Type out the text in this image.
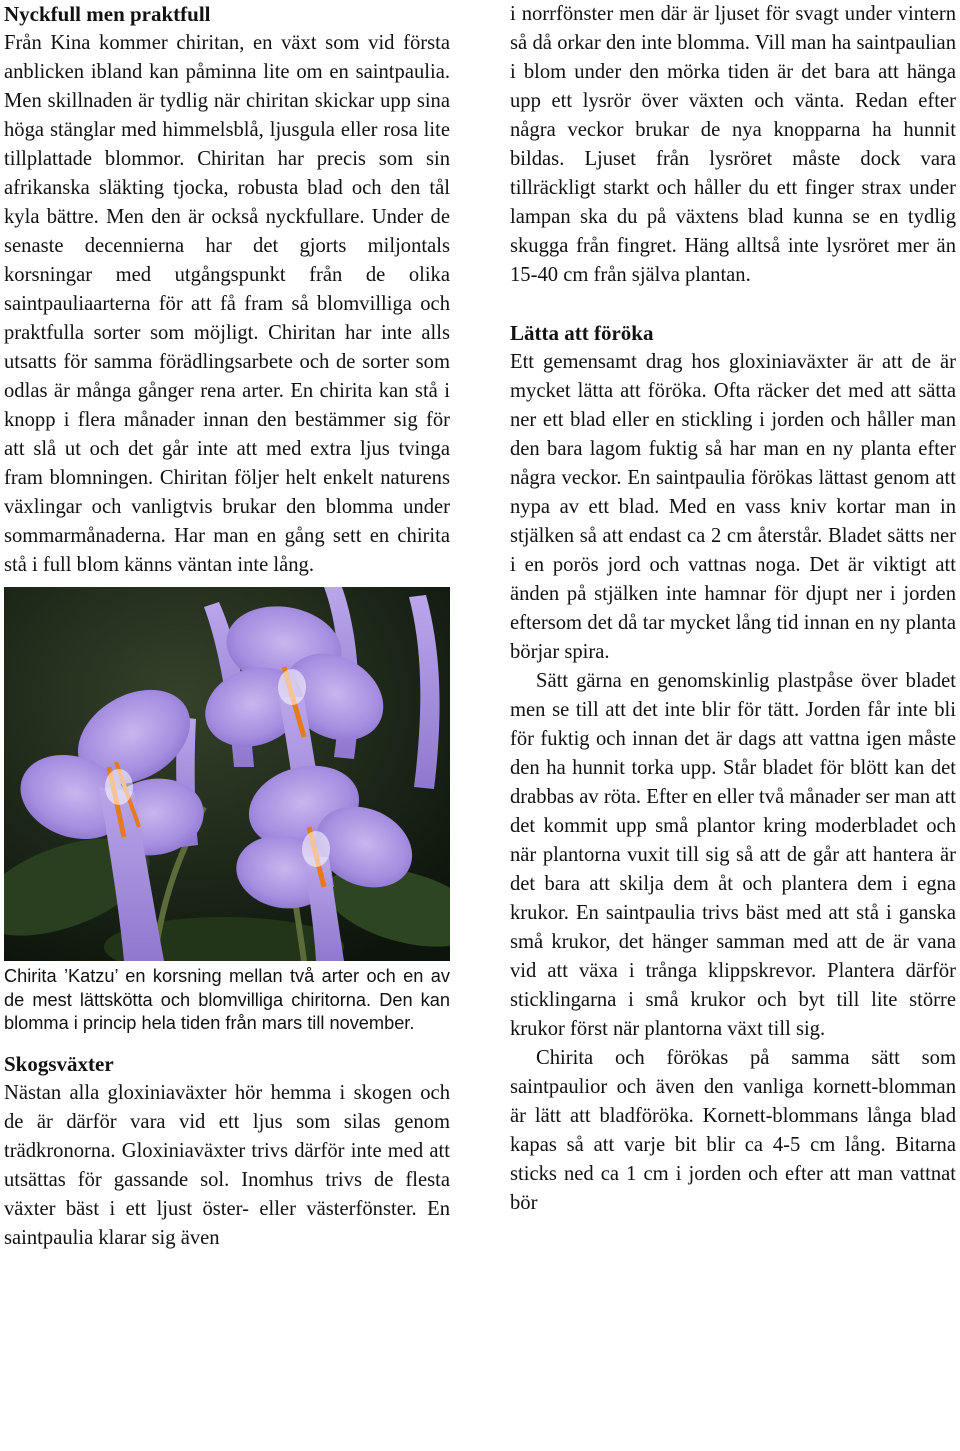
Nyckfull men praktfull

Från Kina kommer chiritan, en växt som vid första anblicken ibland kan påminna lite om en saintpaulia. Men skillnaden är tydlig när chiritan skickar upp sina höga stänglar med himmelsblå, ljusgula eller rosa lite tillplattade blommor. Chiritan har precis som sin afrikanska släkting tjocka, robusta blad och den tål kyla bättre. Men den är också nyckfullare. Under de senaste decennierna har det gjorts miljontals korsningar med utgångspunkt från de olika saintpauliaarterna för att få fram så blomvilliga och praktfulla sorter som möjligt. Chiritan har inte alls utsatts för samma förädlingsarbete och de sorter som odlas är många gånger rena arter. En chirita kan stå i knopp i flera månader innan den bestämmer sig för att slå ut och det går inte att med extra ljus tvinga fram blomningen. Chiritan följer helt enkelt naturens växlingar och vanligtvis brukar den blomma under sommarmånaderna. Har man en gång sett en chirita stå i full blom känns väntan inte lång.

Chirita ’Katzu’ en korsning mellan två arter och en av de mest lättskötta och blomvilliga chiritorna. Den kan blomma i princip hela tiden från mars till november.

Skogsväxter

Nästan alla gloxiniaväxter hör hemma i skogen och de är därför vara vid ett ljus som silas genom trädkronorna. Gloxiniaväxter trivs därför inte med att utsättas för gassande sol. Inomhus trivs de flesta växter bäst i ett ljust öster- eller västerfönster. En saintpaulia klarar sig även

i norrfönster men där är ljuset för svagt under vintern så då orkar den inte blomma. Vill man ha saintpaulian i blom under den mörka tiden är det bara att hänga upp ett lysrör över växten och vänta. Redan efter några veckor brukar de nya knopparna ha hunnit bildas. Ljuset från lysröret måste dock vara tillräckligt starkt och håller du ett finger strax under lampan ska du på växtens blad kunna se en tydlig skugga från fingret. Häng alltså inte lysröret mer än 15-40 cm från själva plantan.

Lätta att föröka

Ett gemensamt drag hos gloxiniaväxter är att de är mycket lätta att föröka. Ofta räcker det med att sätta ner ett blad eller en stickling i jorden och håller man den bara lagom fuktig så har man en ny planta efter några veckor. En saintpaulia förökas lättast genom att nypa av ett blad. Med en vass kniv kortar man in stjälken så att endast ca 2 cm återstår. Bladet sätts ner i en porös jord och vattnas noga. Det är viktigt att änden på stjälken inte hamnar för djupt ner i jorden eftersom det då tar mycket lång tid innan en ny planta börjar spira.

Sätt gärna en genomskinlig plastpåse över bladet men se till att det inte blir för tätt. Jorden får inte bli för fuktig och innan det är dags att vattna igen måste den ha hunnit torka upp. Står bladet för blött kan det drabbas av röta. Efter en eller två månader ser man att det kommit upp små plantor kring moderbladet och när plantorna vuxit till sig så att de går att hantera är det bara att skilja dem åt och plantera dem i egna krukor. En saintpaulia trivs bäst med att stå i ganska små krukor, det hänger samman med att de är vana vid att växa i trånga klippskrevor. Plantera därför sticklingarna i små krukor och byt till lite större krukor först när plantorna växt till sig.

Chirita och förökas på samma sätt som saintpaulior och även den vanliga kornett-blomman är lätt att bladföröka. Kornett-blommans långa blad kapas så att varje bit blir ca 4-5 cm lång. Bitarna sticks ned ca 1 cm i jorden och efter att man vattnat bör
